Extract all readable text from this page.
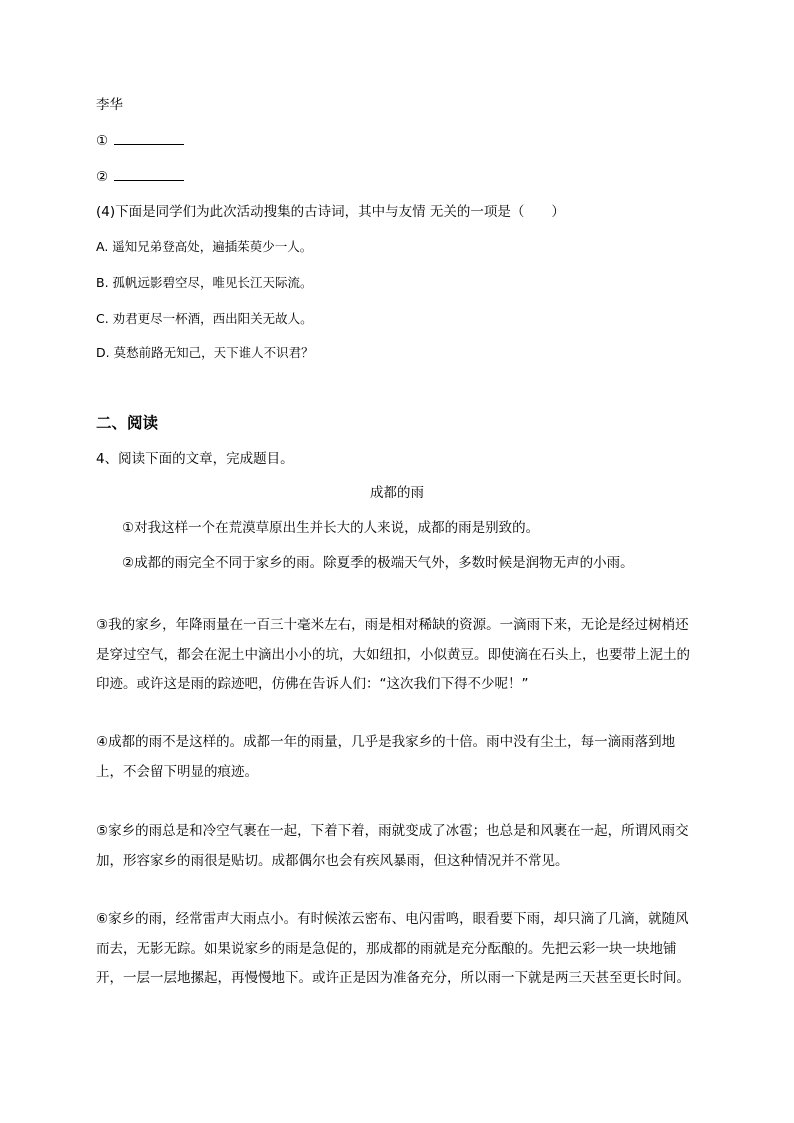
李华
①
②
(4)下面是同学们为此次活动搜集的古诗词，其中与友情 无关的一项是（　　）
A. 遥知兄弟登高处，遍插茱萸少一人。
B. 孤帆远影碧空尽，唯见长江天际流。
C. 劝君更尽一杯酒，西出阳关无故人。
D. 莫愁前路无知己，天下谁人不识君？
二、阅读
4、阅读下面的文章，完成题目。
成都的雨
①对我这样一个在荒漠草原出生并长大的人来说，成都的雨是别致的。
②成都的雨完全不同于家乡的雨。除夏季的极端天气外，多数时候是润物无声的小雨。
③我的家乡，年降雨量在一百三十毫米左右，雨是相对稀缺的资源。一滴雨下来，无论是经过树梢还是穿过空气，都会在泥土中滴出小小的坑，大如纽扣，小似黄豆。即使滴在石头上，也要带上泥土的印迹。或许这是雨的踪迹吧，仿佛在告诉人们：“这次我们下得不少呢！”
④成都的雨不是这样的。成都一年的雨量，几乎是我家乡的十倍。雨中没有尘土，每一滴雨落到地上，不会留下明显的痕迹。
⑤家乡的雨总是和冷空气裹在一起，下着下着，雨就变成了冰雹；也总是和风裹在一起，所谓风雨交加，形容家乡的雨很是贴切。成都偶尔也会有疾风暴雨，但这种情况并不常见。
⑥家乡的雨，经常雷声大雨点小。有时候浓云密布、电闪雷鸣，眼看要下雨，却只滴了几滴，就随风而去，无影无踪。如果说家乡的雨是急促的，那成都的雨就是充分酝酿的。先把云彩一块一块地铺开，一层一层地摞起，再慢慢地下。或许正是因为准备充分，所以雨一下就是两三天甚至更长时间。
